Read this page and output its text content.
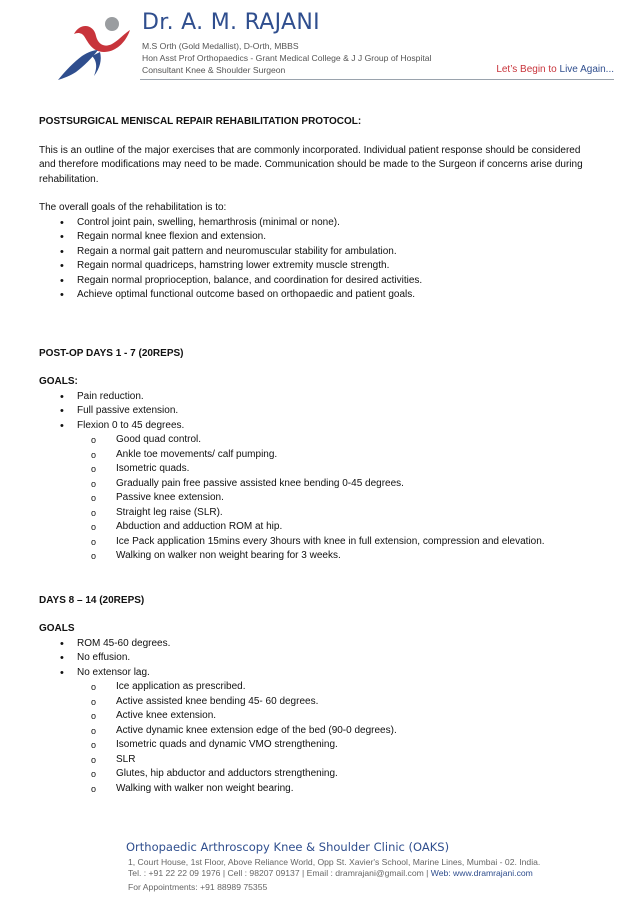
Dr. A. M. RAJANI
M.S Orth (Gold Medallist), D-Orth, MBBS
Hon Asst Prof Orthopaedics - Grant Medical College & J J Group of Hospital
Consultant Knee & Shoulder Surgeon	Let’s Begin to Live Again...
POSTSURGICAL MENISCAL REPAIR REHABILITATION PROTOCOL:

This is an outline of the major exercises that are commonly incorporated. Individual patient response should be considered and therefore modifications may need to be made. Communication should be made to the Surgeon if concerns arise during rehabilitation.

The overall goals of the rehabilitation is to:
• Control joint pain, swelling, hemarthrosis (minimal or none).
• Regain normal knee flexion and extension.
• Regain a normal gait pattern and neuromuscular stability for ambulation.
• Regain normal quadriceps, hamstring lower extremity muscle strength.
• Regain normal proprioception, balance, and coordination for desired activities.
• Achieve optimal functional outcome based on orthopaedic and patient goals.
POST-OP DAYS 1 - 7 (20REPS)
GOALS:
• Pain reduction.
• Full passive extension.
• Flexion 0 to 45 degrees.
o Good quad control.
o Ankle toe movements/ calf pumping.
o Isometric quads.
o Gradually pain free passive assisted knee bending 0-45 degrees.
o Passive knee extension.
o Straight leg raise (SLR).
o Abduction and adduction ROM at hip.
o Ice Pack application 15mins every 3hours with knee in full extension, compression and elevation.
o Walking on walker non weight bearing for 3 weeks.
DAYS 8 – 14 (20REPS)
GOALS
• ROM 45-60 degrees.
• No effusion.
• No extensor lag.
o Ice application as prescribed.
o Active assisted knee bending 45- 60 degrees.
o Active knee extension.
o Active dynamic knee extension edge of the bed (90-0 degrees).
o Isometric quads and dynamic VMO strengthening.
o SLR
o Glutes, hip abductor and adductors strengthening.
o Walking with walker non weight bearing.
Orthopaedic Arthroscopy Knee & Shoulder Clinic (OAKS)
1, Court House, 1st Floor, Above Reliance World, Opp St. Xavier's School, Marine Lines, Mumbai - 02. India.
Tel. : +91 22 22 09 1976 | Cell : 98207 09137 | Email : dramrajani@gmail.com | Web: www.dramrajani.com
For Appointments: +91 88989 75355
